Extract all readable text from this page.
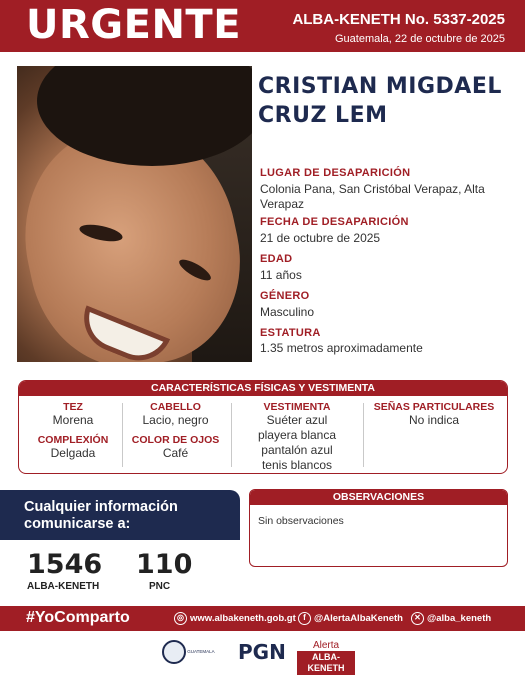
URGENTE	ALBA-KENETH No. 5337-2025
Guatemala, 22 de octubre de 2025
CRISTIAN MIGDAEL
CRUZ LEM
LUGAR DE DESAPARICIÓN
Colonia Pana, San Cristóbal Verapaz, Alta Verapaz
FECHA DE DESAPARICIÓN
21 de octubre de 2025
EDAD
11 años
GÉNERO
Masculino
ESTATURA
1.35 metros aproximadamente
CARACTERÍSTICAS FÍSICAS Y VESTIMENTA
TEZ
Morena
COMPLEXIÓN
Delgada
CABELLO
Lacio, negro
COLOR DE OJOS
Café
VESTIMENTA
Suéter azul
playera blanca
pantalón azul
tenis blancos
SEÑAS PARTICULARES
No indica
Cualquier información
comunicarse a:
1546
ALBA-KENETH
110
PNC
OBSERVACIONES
Sin observaciones
#YoComparto	◎ www.albakeneth.gob.gt f @AlertaAlbaKeneth	✕ @alba_keneth
GUATEMALA	PGN	Alerta
ALBA-KENETH
